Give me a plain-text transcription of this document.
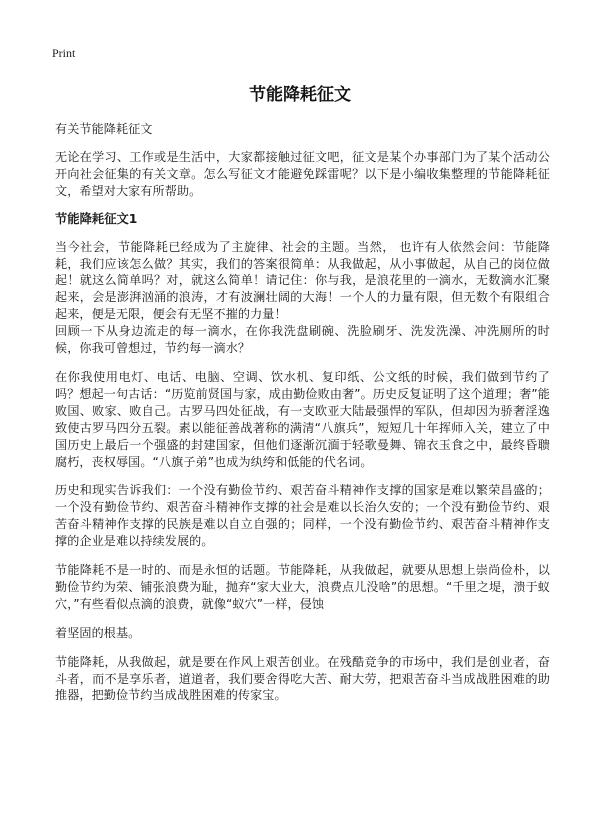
Print
节能降耗征文

有关节能降耗征文

无论在学习、工作或是生活中，大家都接触过征文吧，征文是某个办事部门为了某个活动公开向社会征集的有关文章。怎么写征文才能避免踩雷呢？以下是小编收集整理的节能降耗征文，希望对大家有所帮助。

节能降耗征文1

当今社会，节能降耗已经成为了主旋律、社会的主题。当然， 也许有人依然会问：节能降耗，我们应该怎么做？其实，我们的答案很简单：从我做起，从小事做起，从自己的岗位做起！就这么简单吗？对，就这么简单！请记住：你与我，是浪花里的一滴水，无数滴水汇聚起来，会是澎湃汹涌的浪涛，才有波澜壮阔的大海！一个人的力量有限，但无数个有限组合起来，便是无限，便会有无坚不摧的力量！

回顾一下从身边流走的每一滴水，在你我洗盘刷碗、洗脸刷牙、洗发洗澡、冲洗厕所的时候，你我可曾想过，节约每一滴水？

在你我使用电灯、电话、电脑、空调、饮水机、复印纸、公文纸的时候，我们做到节约了吗？想起一句古话：“历览前贤国与家，成由勤俭败由奢”。历史反复证明了这个道理；奢”能败国、败家、败自己。古罗马四处征战，有一支欧亚大陆最强悍的军队，但却因为骄奢淫逸致使古罗马四分五裂。素以能征善战著称的满清“八旗兵”，短短几十年挥师入关，建立了中国历史上最后一个强盛的封建国家，但他们逐渐沉湎于轻歌曼舞、锦衣玉食之中，最终昏聩腐朽，丧权辱国。“八旗子弟”也成为纨绔和低能的代名词。

历史和现实告诉我们：一个没有勤俭节约、艰苦奋斗精神作支撑的国家是难以繁荣昌盛的；一个没有勤俭节约、艰苦奋斗精神作支撑的社会是难以长治久安的；一个没有勤俭节约、艰苦奋斗精神作支撑的民族是难以自立自强的；同样，一个没有勤俭节约、艰苦奋斗精神作支撑的企业是难以持续发展的。

节能降耗不是一时的、而是永恒的话题。节能降耗，从我做起，就要从思想上崇尚俭朴，以勤俭节约为荣、铺张浪费为耻，抛弃“家大业大，浪费点儿没啥”的思想。“千里之堤，溃于蚁穴，”有些看似点滴的浪费，就像“蚁穴”一样，侵蚀

着坚固的根基。

节能降耗，从我做起，就是要在作风上艰苦创业。在残酷竞争的市场中，我们是创业者，奋斗者，而不是享乐者，道道者，我们要舍得吃大苦、耐大劳，把艰苦奋斗当成战胜困难的助推器，把勤俭节约当成战胜困难的传家宝。
